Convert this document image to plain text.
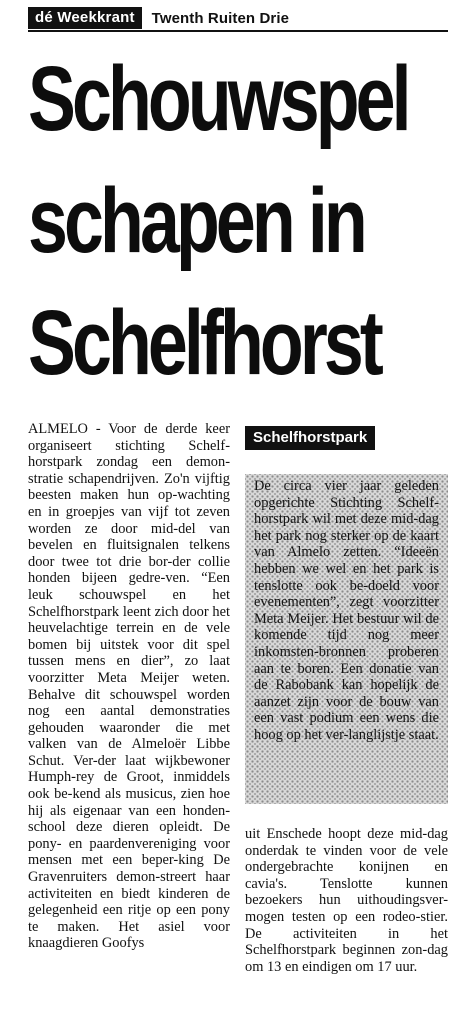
dé Weekkrant	Twenth Ruiten Drie
Schouwspel
schapen in
Schelfhorst

ALMELO - Voor de derde keer organiseert stichting Schelf-horstpark zondag een demon-stratie schapendrijven. Zo'n vijftig beesten maken hun op-wachting en in groepjes van vijf tot zeven worden ze door mid-del van bevelen en fluitsignalen telkens door twee tot drie bor-der collie honden bijeen gedre-ven. “Een leuk schouwspel en het Schelfhorstpark leent zich door het heuvelachtige terrein en de vele bomen bij uitstek voor dit spel tussen mens en dier”, zo laat voorzitter Meta Meijer weten. Behalve dit schouwspel worden nog een aantal demonstraties gehouden waaronder die met valken van de Almeloër Libbe Schut. Ver-der laat wijkbewoner Humph-rey de Groot, inmiddels ook be-kend als musicus, zien hoe hij als eigenaar van een honden-school deze dieren opleidt. De pony- en paardenvereniging voor mensen met een beper-king De Gravenruiters demon-streert haar activiteiten en biedt kinderen de gelegenheid een ritje op een pony te maken. Het asiel voor knaagdieren Goofys

Schelfhorstpark

De circa vier jaar geleden opgerichte Stichting Schelf-horstpark wil met deze mid-dag het park nog sterker op de kaart van Almelo zetten. “Ideeën hebben we wel en het park is tenslotte ook be-doeld voor evenementen”, zegt voorzitter Meta Meijer. Het bestuur wil de komende tijd nog meer inkomsten-bronnen proberen aan te boren. Een donatie van de Rabobank kan hopelijk de aanzet zijn voor de bouw van een vast podium een wens die hoog op het ver-langlijstje staat.

uit Enschede hoopt deze mid-dag onderdak te vinden voor de vele ondergebrachte konijnen en cavia's. Tenslotte kunnen bezoekers hun uithoudingsver-mogen testen op een rodeo-stier. De activiteiten in het Schelfhorstpark beginnen zon-dag om 13 en eindigen om 17 uur.
